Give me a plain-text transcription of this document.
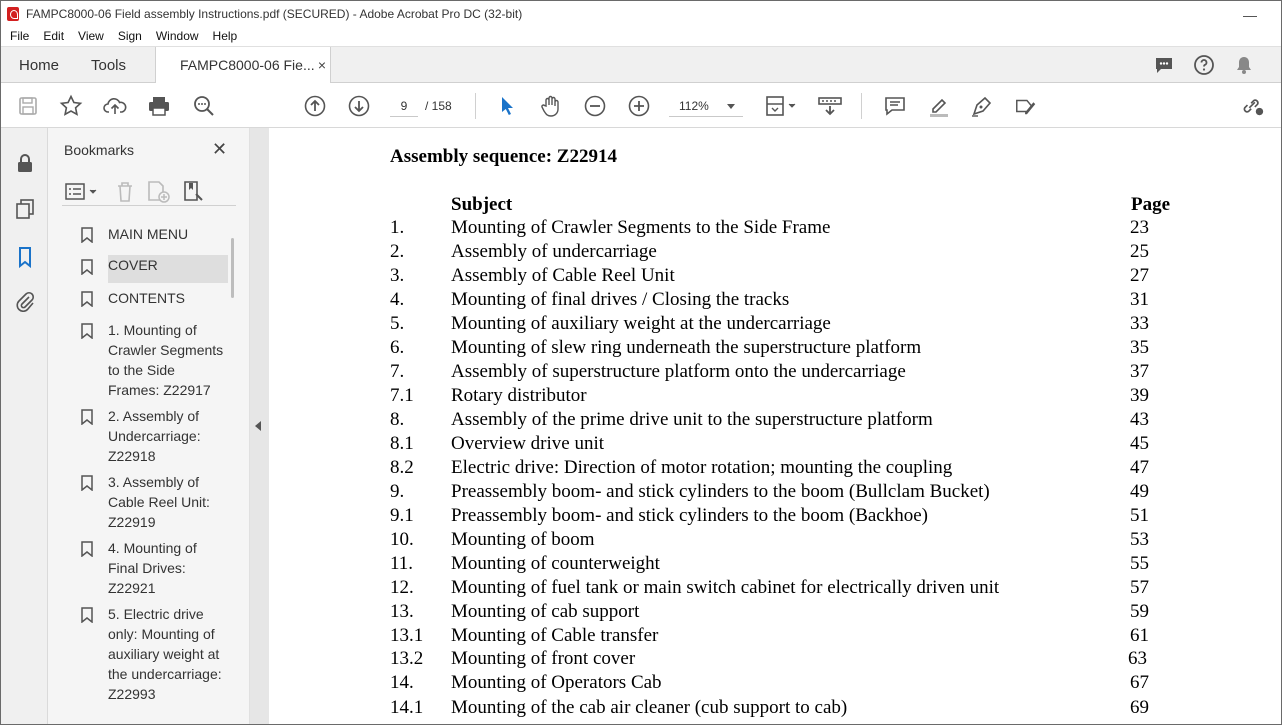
FAMPC8000-06 Field assembly Instructions.pdf (SECURED) - Adobe Acrobat Pro DC (32-bit)
File Edit View Sign Window Help
Home Tools	FAMPC8000-06 Fie... ×
9	/ 158	112%
Bookmarks	✕
MAIN MENU
COVER
CONTENTS
1. Mounting of Crawler Segments to the Side Frames: Z22917
2. Assembly of Undercarriage: Z22918
3. Assembly of Cable Reel Unit: Z22919
4. Mounting of Final Drives: Z22921
5. Electric drive only: Mounting of auxiliary weight at the undercarriage: Z22993
Assembly sequence: Z22914
Subject	Page
1. Mounting of Crawler Segments to the Side Frame	23
2. Assembly of undercarriage	25
3. Assembly of Cable Reel Unit	27
4. Mounting of final drives / Closing the tracks	31
5. Mounting of auxiliary weight at the undercarriage	33
6. Mounting of slew ring underneath the superstructure platform	35
7. Assembly of superstructure platform onto the undercarriage	37
7.1 Rotary distributor	39
8. Assembly of the prime drive unit to the superstructure platform	43
8.1 Overview drive unit	45
8.2 Electric drive: Direction of motor rotation; mounting the coupling	47
9. Preassembly boom- and stick cylinders to the boom (Bullclam Bucket)	49
9.1 Preassembly boom- and stick cylinders to the boom (Backhoe)	51
10. Mounting of boom	53
11. Mounting of counterweight	55
12. Mounting of fuel tank or main switch cabinet for electrically driven unit	57
13. Mounting of cab support	59
13.1 Mounting of Cable transfer	61
13.2 Mounting of front cover	63
14. Mounting of Operators Cab	67
14.1 Mounting of the cab air cleaner (cub support to cab)	69
